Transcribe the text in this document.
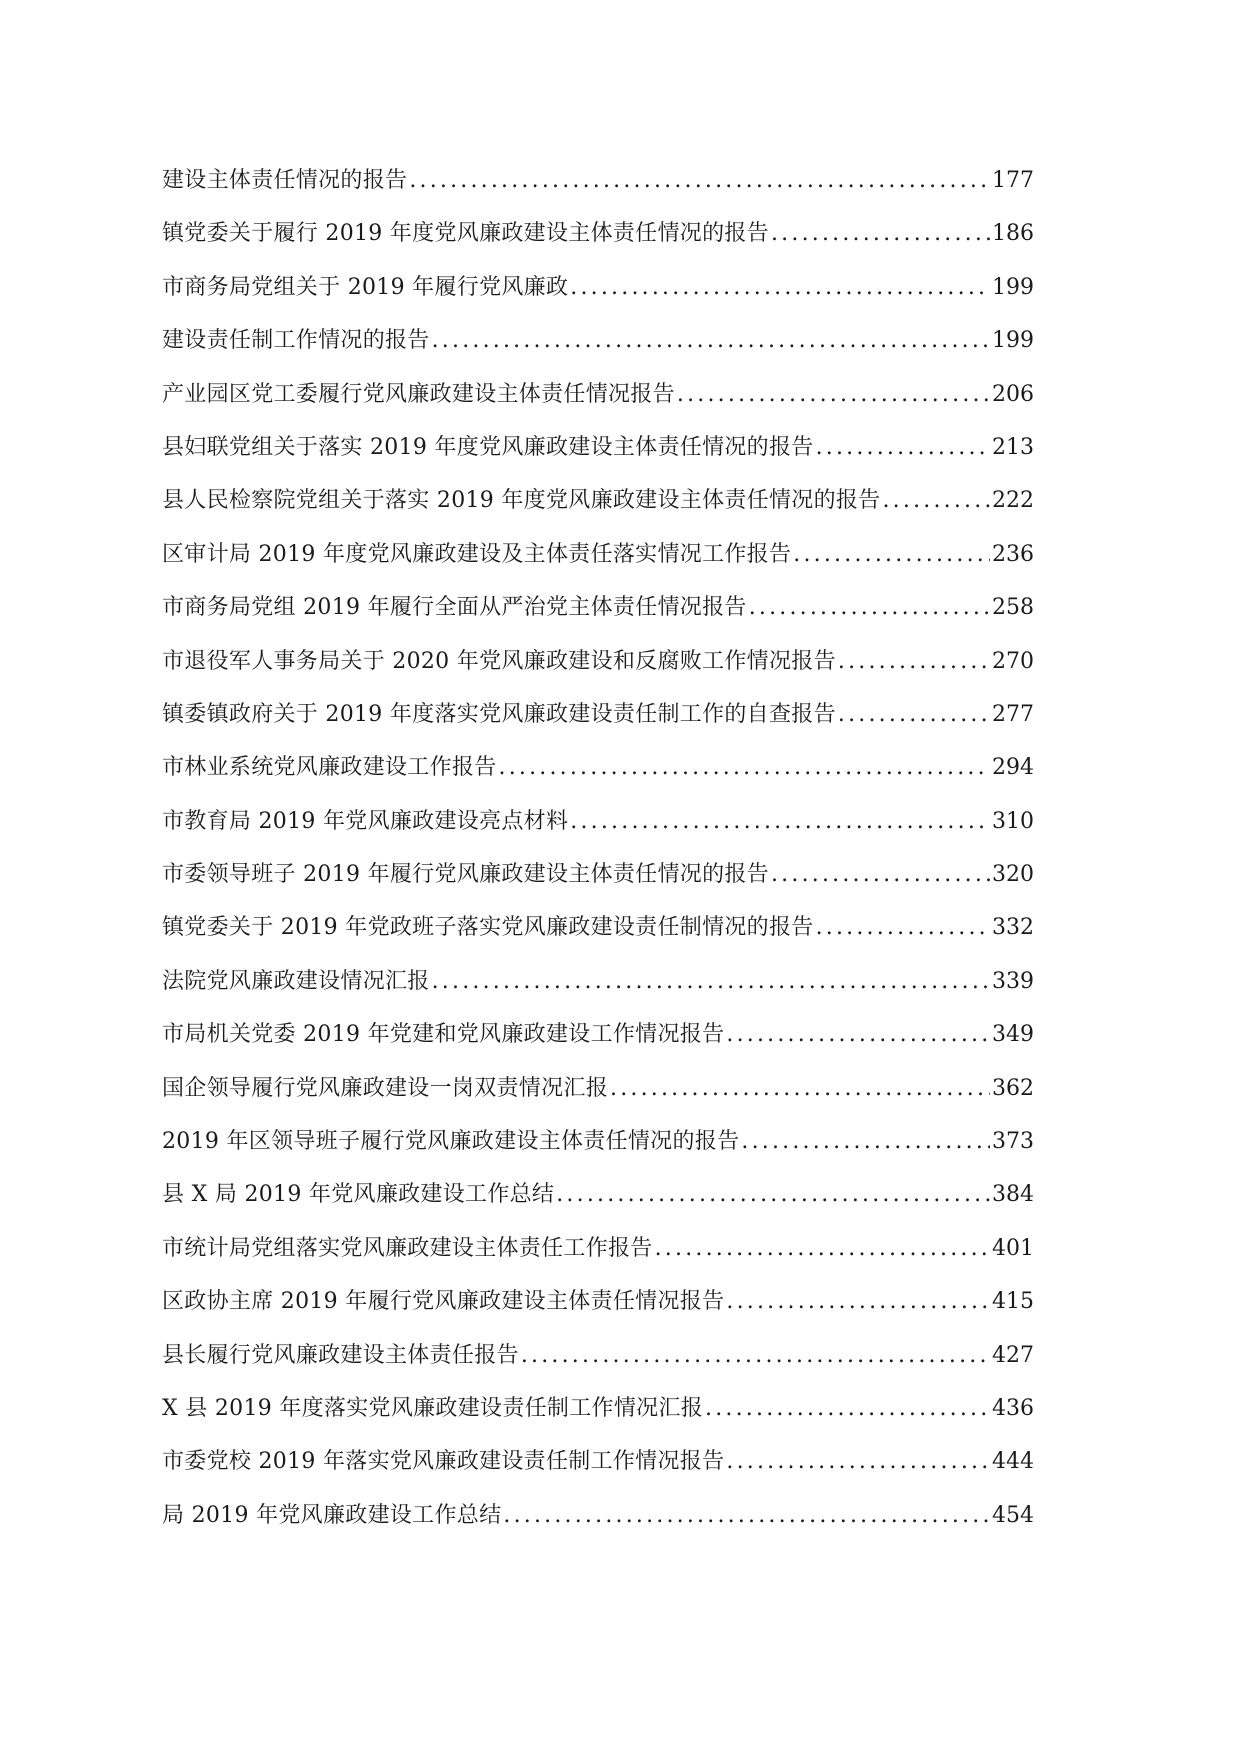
建设主体责任情况的报告 .....	177
镇党委关于履行 2019 年度党风廉政建设主体责任情况的报告 .....	186
市商务局党组关于 2019 年履行党风廉政 .....	199
建设责任制工作情况的报告 .....	199
产业园区党工委履行党风廉政建设主体责任情况报告 .....	206
县妇联党组关于落实 2019 年度党风廉政建设主体责任情况的报告 .....	213
县人民检察院党组关于落实 2019 年度党风廉政建设主体责任情况的报告 .....	222
区审计局 2019 年度党风廉政建设及主体责任落实情况工作报告 .....	236
市商务局党组 2019 年履行全面从严治党主体责任情况报告 .....	258
市退役军人事务局关于 2020 年党风廉政建设和反腐败工作情况报告 .....	270
镇委镇政府关于 2019 年度落实党风廉政建设责任制工作的自查报告 .....	277
市林业系统党风廉政建设工作报告 .....	294
市教育局 2019 年党风廉政建设亮点材料 .....	310
市委领导班子 2019 年履行党风廉政建设主体责任情况的报告 .....	320
镇党委关于 2019 年党政班子落实党风廉政建设责任制情况的报告 .....	332
法院党风廉政建设情况汇报 .....	339
市局机关党委 2019 年党建和党风廉政建设工作情况报告 .....	349
国企领导履行党风廉政建设一岗双责情况汇报 .....	362
2019 年区领导班子履行党风廉政建设主体责任情况的报告 .....	373
县 X 局 2019 年党风廉政建设工作总结 .....	384
市统计局党组落实党风廉政建设主体责任工作报告 .....	401
区政协主席 2019 年履行党风廉政建设主体责任情况报告 .....	415
县长履行党风廉政建设主体责任报告 .....	427
X 县 2019 年度落实党风廉政建设责任制工作情况汇报 .....	436
市委党校 2019 年落实党风廉政建设责任制工作情况报告 .....	444
局 2019 年党风廉政建设工作总结 .....	454
